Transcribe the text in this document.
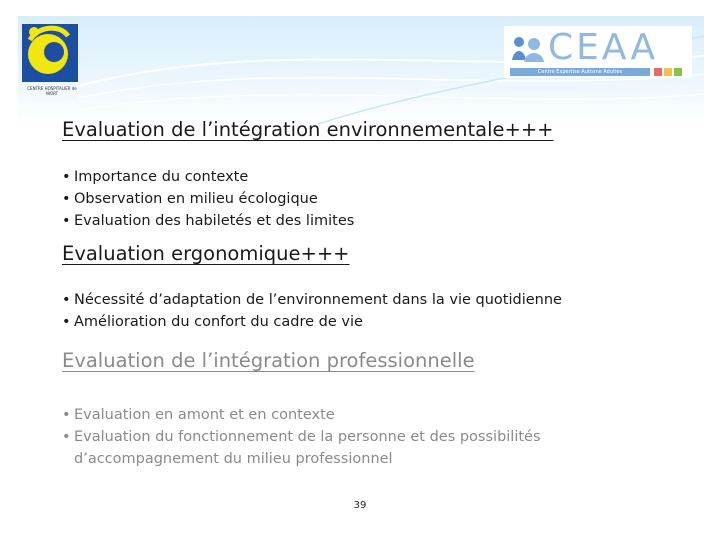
CENTRE HOSPITALIER de NIORT
CEAA
Centre Expertise Autisme Adultes
Evaluation de l’intégration environnementale+++
• Importance du contexte
• Observation en milieu écologique
• Evaluation des habiletés et des limites
Evaluation ergonomique+++
• Nécessité d’adaptation de l’environnement dans la vie quotidienne
• Amélioration du confort du cadre de vie
Evaluation de l’intégration professionnelle
• Evaluation en amont et en contexte
• Evaluation du fonctionnement de la personne et des possibilités
d’accompagnement du milieu professionnel
39
